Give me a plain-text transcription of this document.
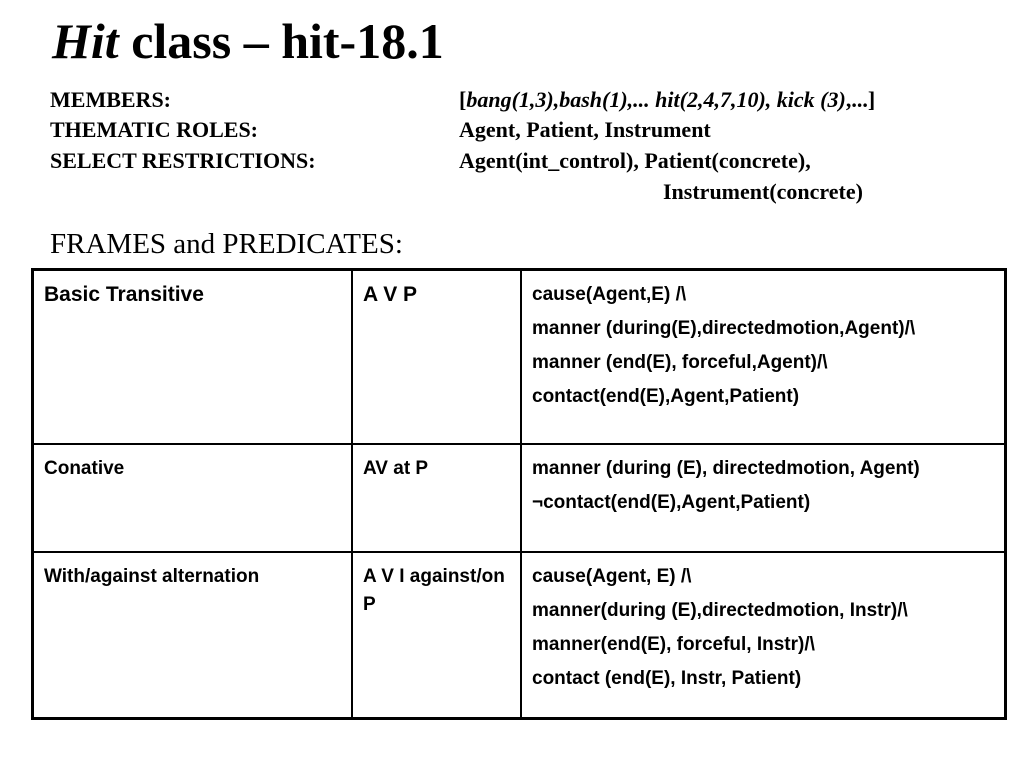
Hit class – hit-18.1
MEMBERS:	[bang(1,3),bash(1),... hit(2,4,7,10), kick (3),...]
THEMATIC ROLES:	Agent, Patient, Instrument
SELECT RESTRICTIONS:	Agent(int_control), Patient(concrete),
Instrument(concrete)
FRAMES and PREDICATES:
Basic Transitive	A V P	cause(Agent,E) /\
manner (during(E),directedmotion,Agent)/\
manner (end(E), forceful,Agent)/\
contact(end(E),Agent,Patient)

Conative	AV at P	manner (during (E), directedmotion, Agent)
¬contact(end(E),Agent,Patient)

With/against alternation	A V I against/on P	cause(Agent, E) /\
manner(during (E),directedmotion, Instr)/\
manner(end(E), forceful, Instr)/\
contact (end(E), Instr, Patient)
